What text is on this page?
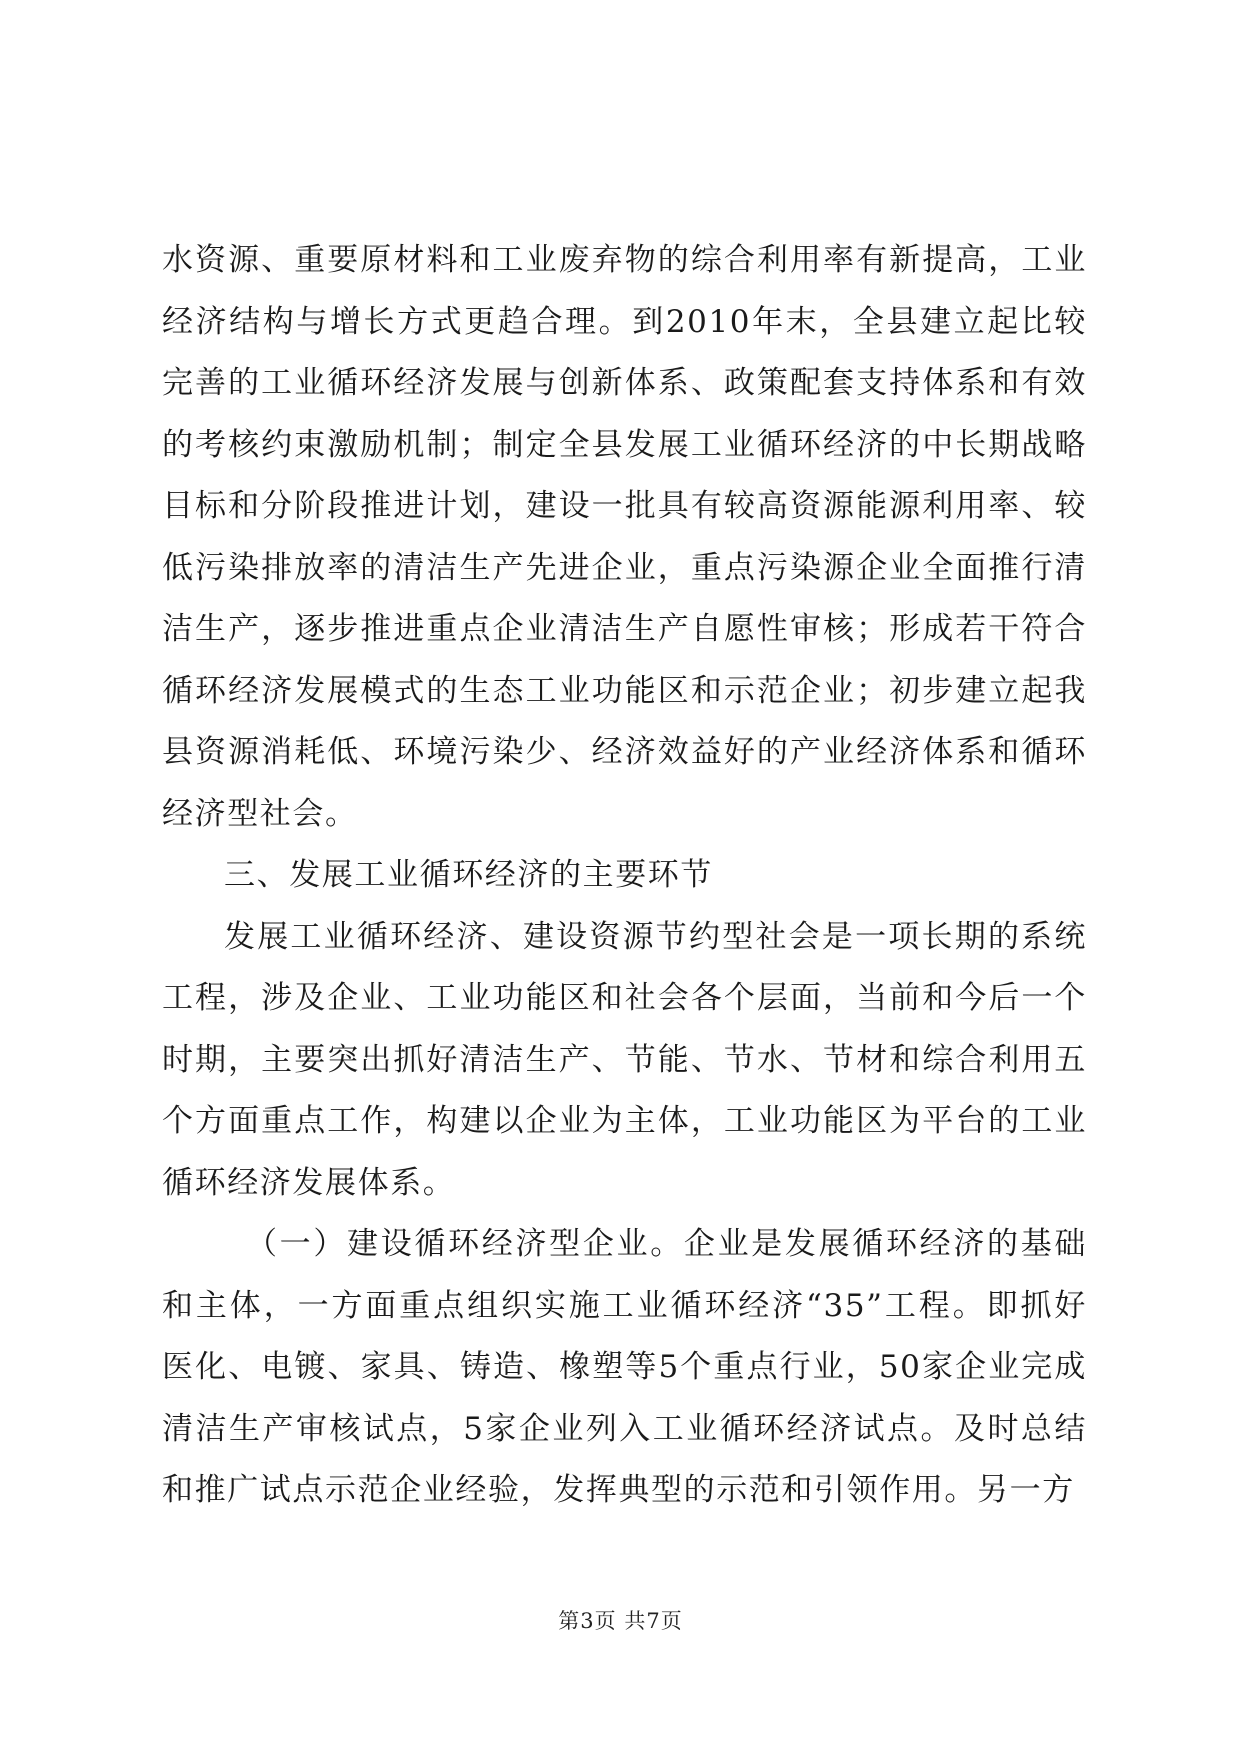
水资源、重要原材料和工业废弃物的综合利用率有新提高，工业经济结构与增长方式更趋合理。到2010年末，全县建立起比较完善的工业循环经济发展与创新体系、政策配套支持体系和有效的考核约束激励机制；制定全县发展工业循环经济的中长期战略目标和分阶段推进计划，建设一批具有较高资源能源利用率、较低污染排放率的清洁生产先进企业，重点污染源企业全面推行清洁生产，逐步推进重点企业清洁生产自愿性审核；形成若干符合循环经济发展模式的生态工业功能区和示范企业；初步建立起我县资源消耗低、环境污染少、经济效益好的产业经济体系和循环经济型社会。

三、发展工业循环经济的主要环节

发展工业循环经济、建设资源节约型社会是一项长期的系统工程，涉及企业、工业功能区和社会各个层面，当前和今后一个时期，主要突出抓好清洁生产、节能、节水、节材和综合利用五个方面重点工作，构建以企业为主体，工业功能区为平台的工业循环经济发展体系。

（一）建设循环经济型企业。企业是发展循环经济的基础和主体，一方面重点组织实施工业循环经济“35”工程。即抓好医化、电镀、家具、铸造、橡塑等5个重点行业，50家企业完成清洁生产审核试点，5家企业列入工业循环经济试点。及时总结和推广试点示范企业经验，发挥典型的示范和引领作用。另一方

第3页 共7页
